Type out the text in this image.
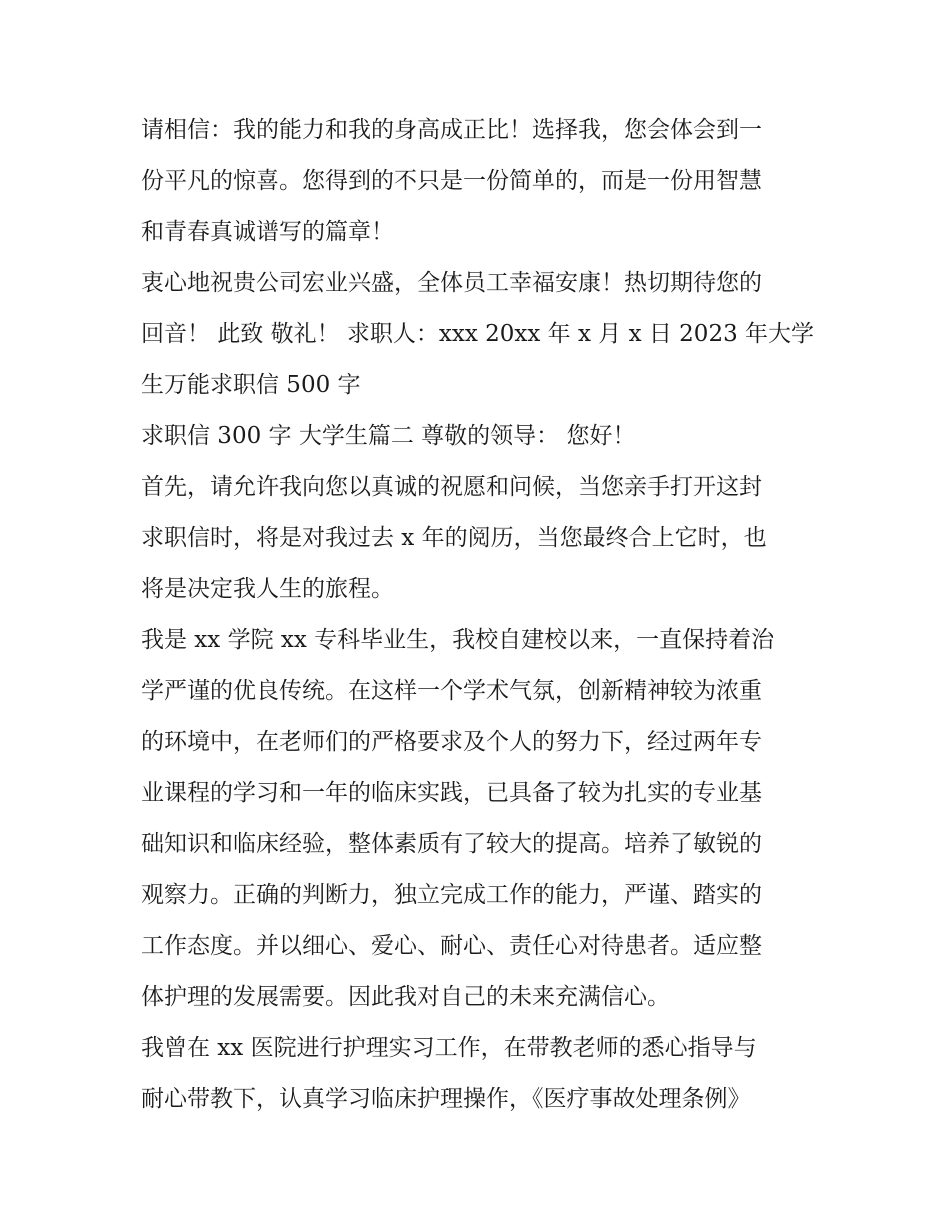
请相信：我的能力和我的身高成正比！选择我，您会体会到一
份平凡的惊喜。您得到的不只是一份简单的，而是一份用智慧
和青春真诚谱写的篇章！
衷心地祝贵公司宏业兴盛，全体员工幸福安康！热切期待您的
回音！ 此致 敬礼！ 求职人：xxx 20xx 年 x 月 x 日 2023 年大学
生万能求职信 500 字
求职信 300 字 大学生篇二 尊敬的领导： 您好！
首先，请允许我向您以真诚的祝愿和问候，当您亲手打开这封
求职信时，将是对我过去 x 年的阅历，当您最终合上它时，也
将是决定我人生的旅程。
我是 xx 学院 xx 专科毕业生，我校自建校以来，一直保持着治
学严谨的优良传统。在这样一个学术气氛，创新精神较为浓重
的环境中，在老师们的严格要求及个人的努力下，经过两年专
业课程的学习和一年的临床实践，已具备了较为扎实的专业基
础知识和临床经验，整体素质有了较大的提高。培养了敏锐的
观察力。正确的判断力，独立完成工作的能力，严谨、踏实的
工作态度。并以细心、爱心、耐心、责任心对待患者。适应整
体护理的发展需要。因此我对自己的未来充满信心。
我曾在 xx 医院进行护理实习工作，在带教老师的悉心指导与
耐心带教下，认真学习临床护理操作，《医疗事故处理条例》
